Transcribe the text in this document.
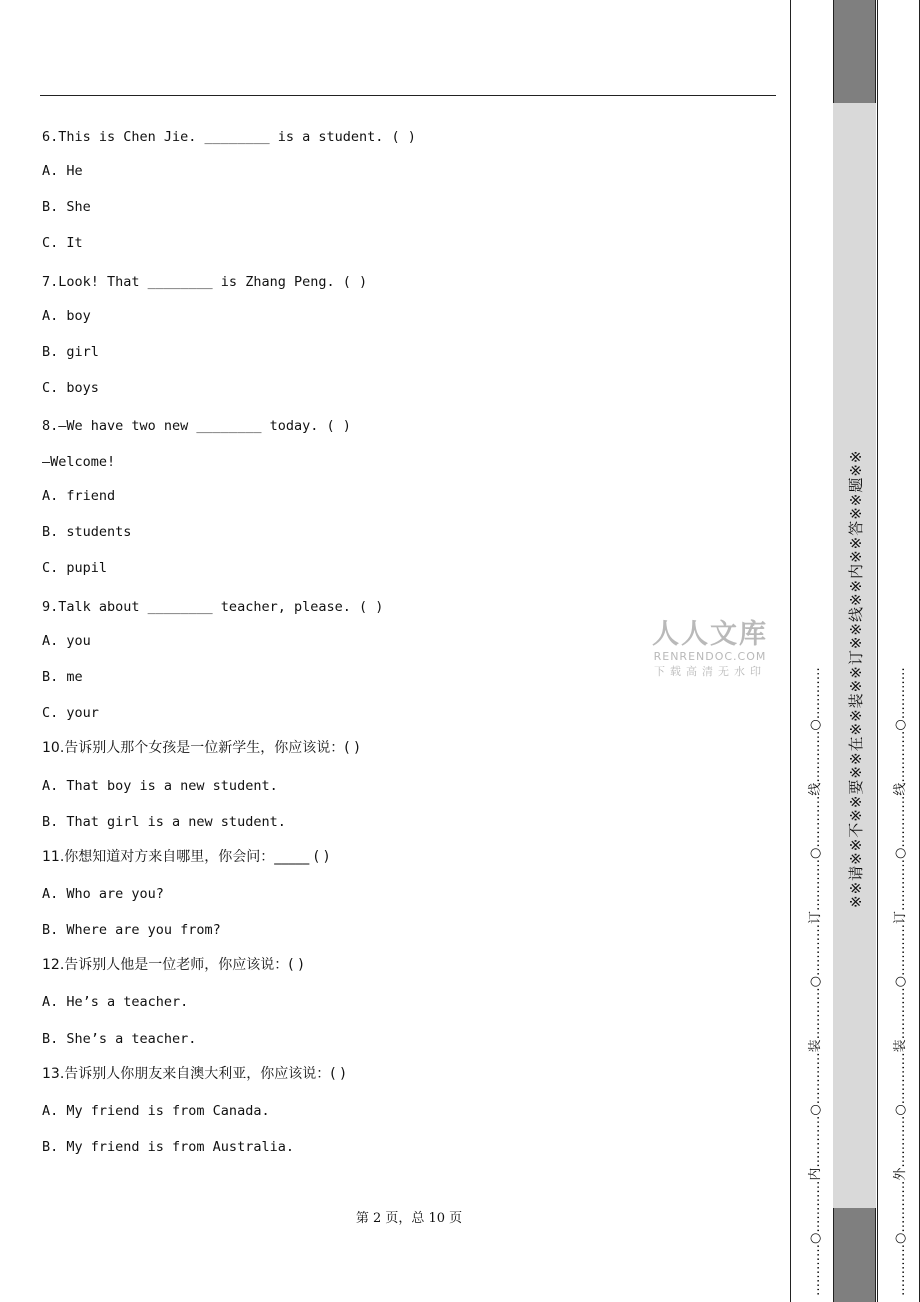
6.This is Chen Jie. ________ is a student. ( )
A. He
B. She
C. It
7.Look! That ________ is Zhang Peng. ( )
A. boy
B. girl
C. boys
8.—We have two new ________ today. ( )
—Welcome!
A. friend
B. students
C. pupil
9.Talk about ________ teacher, please. ( )
A. you
B. me
C. your
10.告诉别人那个女孩是一位新学生，你应该说：( )
A. That boy is a new student.
B. That girl is a new student.
11.你想知道对方来自哪里，你会问：_____ ( )
A. Who are you?
B. Where are you from?
12.告诉别人他是一位老师，你应该说：( )
A. He’s a teacher.
B. She’s a teacher.
13.告诉别人你朋友来自澳大利亚，你应该说：( )
A. My friend is from Canada.
B. My friend is from Australia.
第 2 页，总 10 页
人人文库
RENRENDOC.COM
下载高清无水印	…………○…………内…………○…………装…………○…………订…………○…………线…………○………… ※※请※※不※※要※※在※※装※※订※※线※※内※※答※※题※※	…………○…………外…………○…………装…………○…………订…………○…………线…………○…………
